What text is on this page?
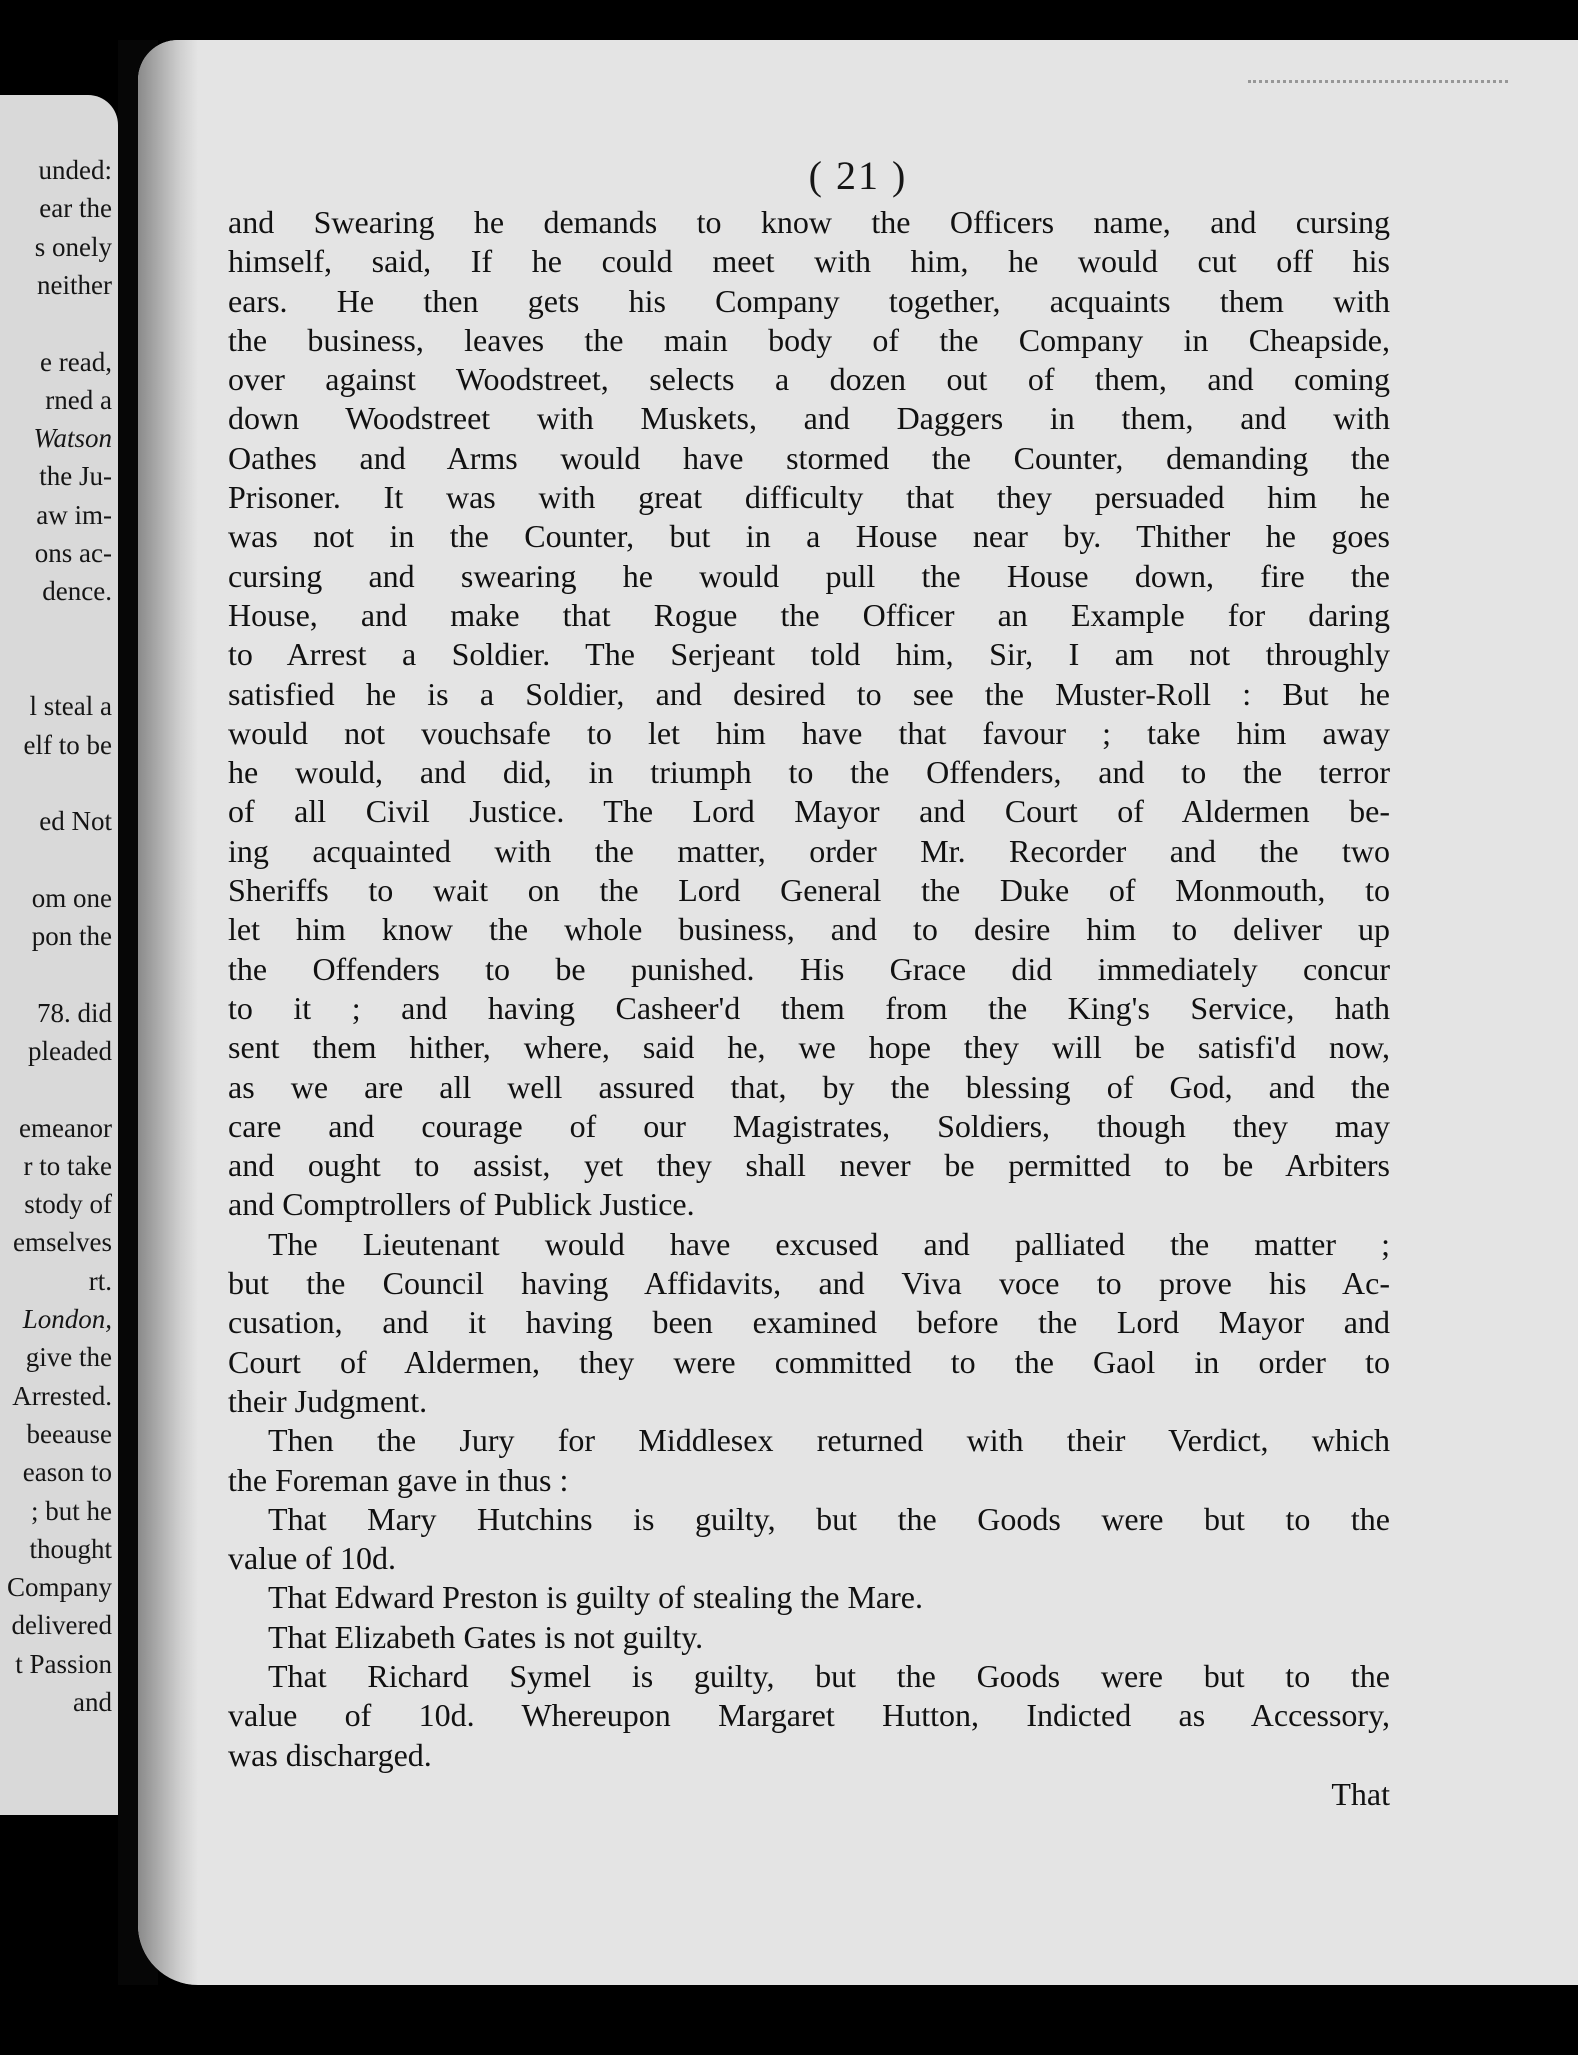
unded:
ear the
s onely
neither
e read,
rned a
Watson
the Ju-
aw im-
ons ac-
dence.
l steal a
elf to be
ed Not
om one
pon the
78. did
pleaded
emeanor
r to take
stody of
emselves
rt.
London,
give the
Arrested.
beeause
eason to
; but he
thought
Company
delivered
t Passion
and
( 21 )
and Swearing he demands to know the Officers name, and cursing
himself, said, If he could meet with him, he would cut off his
ears. He then gets his Company together, acquaints them with
the business, leaves the main body of the Company in Cheapside,
over against Woodstreet, selects a dozen out of them, and coming
down Woodstreet with Muskets, and Daggers in them, and with
Oathes and Arms would have stormed the Counter, demanding the
Prisoner. It was with great difficulty that they persuaded him he
was not in the Counter, but in a House near by. Thither he goes
cursing and swearing he would pull the House down, fire the
House, and make that Rogue the Officer an Example for daring
to Arrest a Soldier. The Serjeant told him, Sir, I am not throughly
satisfied he is a Soldier, and desired to see the Muster-Roll : But he
would not vouchsafe to let him have that favour ; take him away
he would, and did, in triumph to the Offenders, and to the terror
of all Civil Justice. The Lord Mayor and Court of Aldermen be-
ing acquainted with the matter, order Mr. Recorder and the two
Sheriffs to wait on the Lord General the Duke of Monmouth, to
let him know the whole business, and to desire him to deliver up
the Offenders to be punished. His Grace did immediately concur
to it ; and having Casheer'd them from the King's Service, hath
sent them hither, where, said he, we hope they will be satisfi'd now,
as we are all well assured that, by the blessing of God, and the
care and courage of our Magistrates, Soldiers, though they may
and ought to assist, yet they shall never be permitted to be Arbiters
and Comptrollers of Publick Justice.
The Lieutenant would have excused and palliated the matter ;
but the Council having Affidavits, and Viva voce to prove his Ac-
cusation, and it having been examined before the Lord Mayor and
Court of Aldermen, they were committed to the Gaol in order to
their Judgment.
Then the Jury for Middlesex returned with their Verdict, which
the Foreman gave in thus :
That Mary Hutchins is guilty, but the Goods were but to the
value of 10d.
That Edward Preston is guilty of stealing the Mare.
That Elizabeth Gates is not guilty.
That Richard Symel is guilty, but the Goods were but to the
value of 10d. Whereupon Margaret Hutton, Indicted as Accessory,
was discharged.
That
